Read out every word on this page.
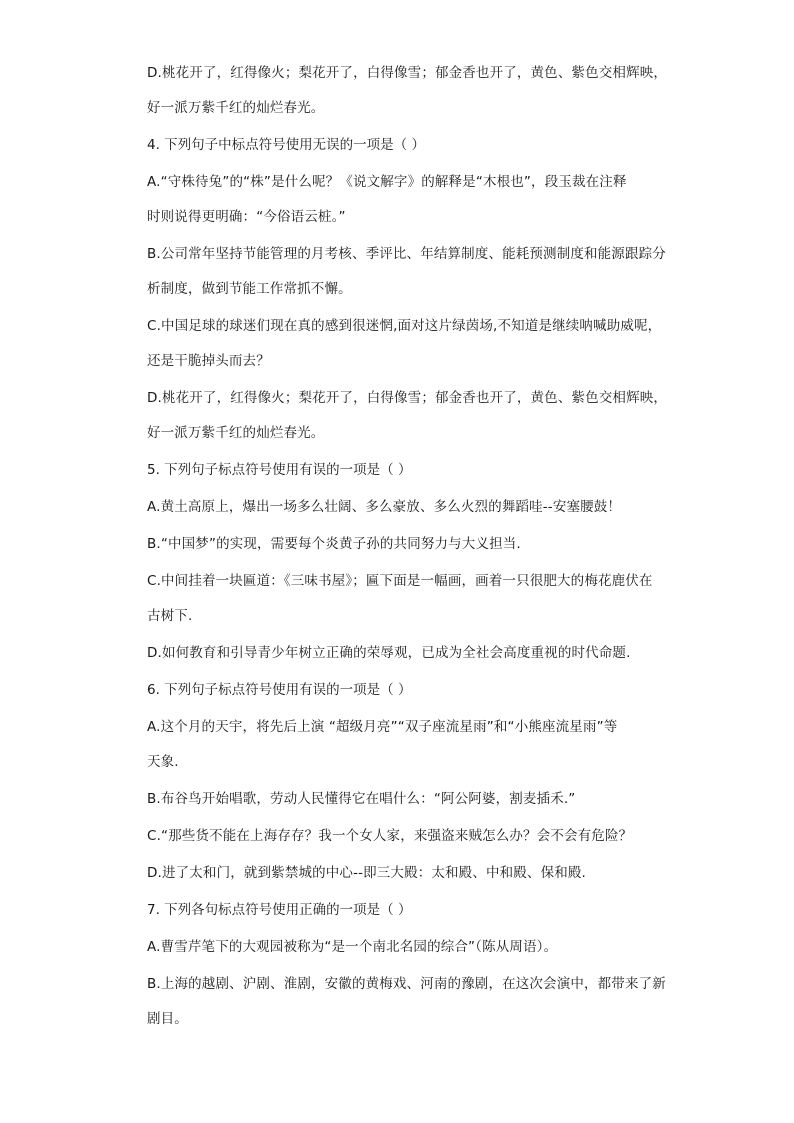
D.桃花开了，红得像火；梨花开了，白得像雪；郁金香也开了，黄色、紫色交相辉映，
好一派万紫千红的灿烂春光。
4. 下列句子中标点符号使用无误的一项是（ ）
A.“守株待兔”的“株”是什么呢？《说文解字》的解释是“木根也”，段玉裁在注释
时则说得更明确：“今俗语云桩。”
B.公司常年坚持节能管理的月考核、季评比、年结算制度、能耗预测制度和能源跟踪分
析制度，做到节能工作常抓不懈。
C.中国足球的球迷们现在真的感到很迷惘,面对这片绿茵场,不知道是继续呐喊助威呢，
还是干脆掉头而去？
D.桃花开了，红得像火；梨花开了，白得像雪；郁金香也开了，黄色、紫色交相辉映，
好一派万紫千红的灿烂春光。
5. 下列句子标点符号使用有误的一项是（ ）
A.黄土高原上，爆出一场多么壮阔、多么豪放、多么火烈的舞蹈哇--安塞腰鼓！
B.“中国梦”的实现，需要每个炎黄子孙的共同努力与大义担当.
C.中间挂着一块匾道：《三味书屋》；匾下面是一幅画，画着一只很肥大的梅花鹿伏在
古树下.
D.如何教育和引导青少年树立正确的荣辱观，已成为全社会高度重视的时代命题.
6. 下列句子标点符号使用有误的一项是（ ）
A.这个月的天宇，将先后上演 “超级月亮”“双子座流星雨”和“小熊座流星雨”等
天象.
B.布谷鸟开始唱歌，劳动人民懂得它在唱什么：“阿公阿婆，割麦插禾.”
C.“那些货不能在上海存存？我一个女人家，来强盗来贼怎么办？会不会有危险？
D.进了太和门，就到紫禁城的中心--即三大殿：太和殿、中和殿、保和殿.
7. 下列各句标点符号使用正确的一项是（ ）
A.曹雪芹笔下的大观园被称为“是一个南北名园的综合”（陈从周语）。
B.上海的越剧、沪剧、淮剧，安徽的黄梅戏、河南的豫剧，在这次会演中，都带来了新
剧目。
